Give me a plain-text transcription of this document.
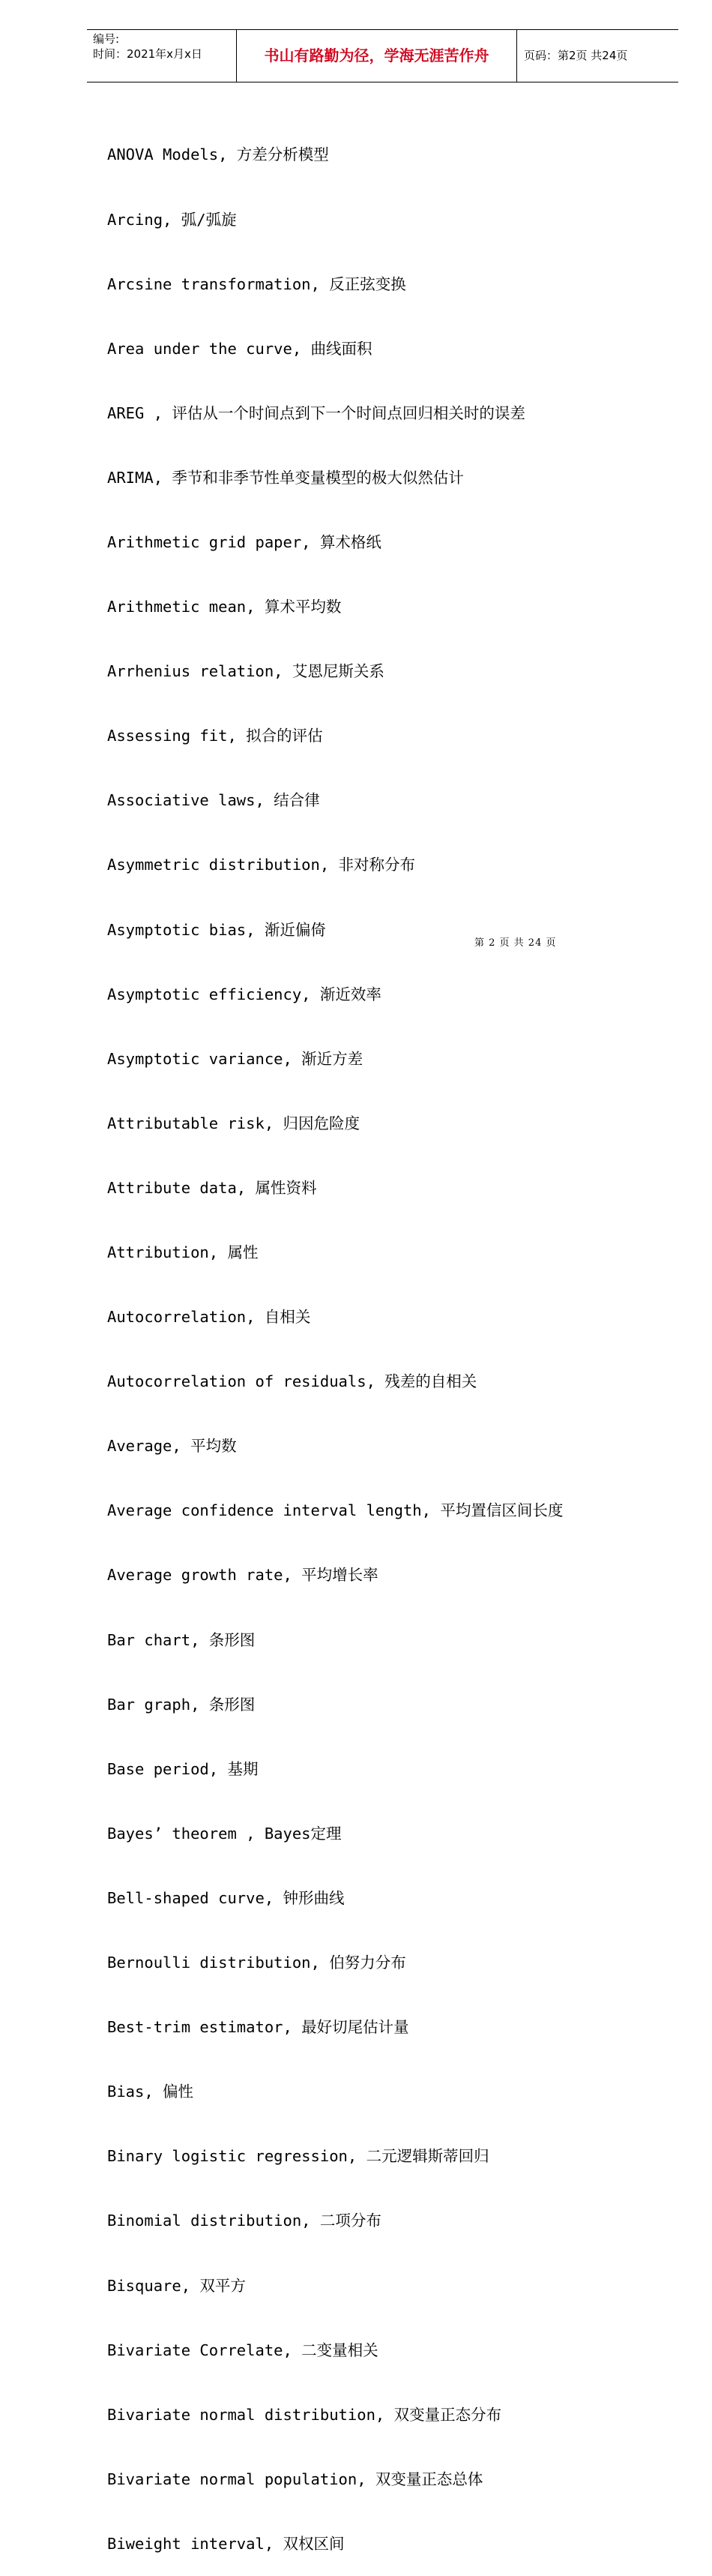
编号:
时间：2021年x月x日	书山有路勤为径，学海无涯苦作舟	页码：第2页 共24页

ANOVA Models, 方差分析模型

Arcing, 弧/弧旋

Arcsine transformation, 反正弦变换

Area under the curve, 曲线面积

AREG , 评估从一个时间点到下一个时间点回归相关时的误差

ARIMA, 季节和非季节性单变量模型的极大似然估计

Arithmetic grid paper, 算术格纸

Arithmetic mean, 算术平均数

Arrhenius relation, 艾恩尼斯关系

Assessing fit, 拟合的评估

Associative laws, 结合律

Asymmetric distribution, 非对称分布

Asymptotic bias, 渐近偏倚

Asymptotic efficiency, 渐近效率

Asymptotic variance, 渐近方差

Attributable risk, 归因危险度

Attribute data, 属性资料

Attribution, 属性

Autocorrelation, 自相关

Autocorrelation of residuals, 残差的自相关

Average, 平均数

Average confidence interval length, 平均置信区间长度

Average growth rate, 平均增长率

Bar chart, 条形图

Bar graph, 条形图

Base period, 基期

Bayes’ theorem , Bayes定理

Bell-shaped curve, 钟形曲线

Bernoulli distribution, 伯努力分布

Best-trim estimator, 最好切尾估计量

Bias, 偏性

Binary logistic regression, 二元逻辑斯蒂回归

Binomial distribution, 二项分布

Bisquare, 双平方

Bivariate Correlate, 二变量相关

Bivariate normal distribution, 双变量正态分布

Bivariate normal population, 双变量正态总体

Biweight interval, 双权区间

第 2 页 共 24 页
